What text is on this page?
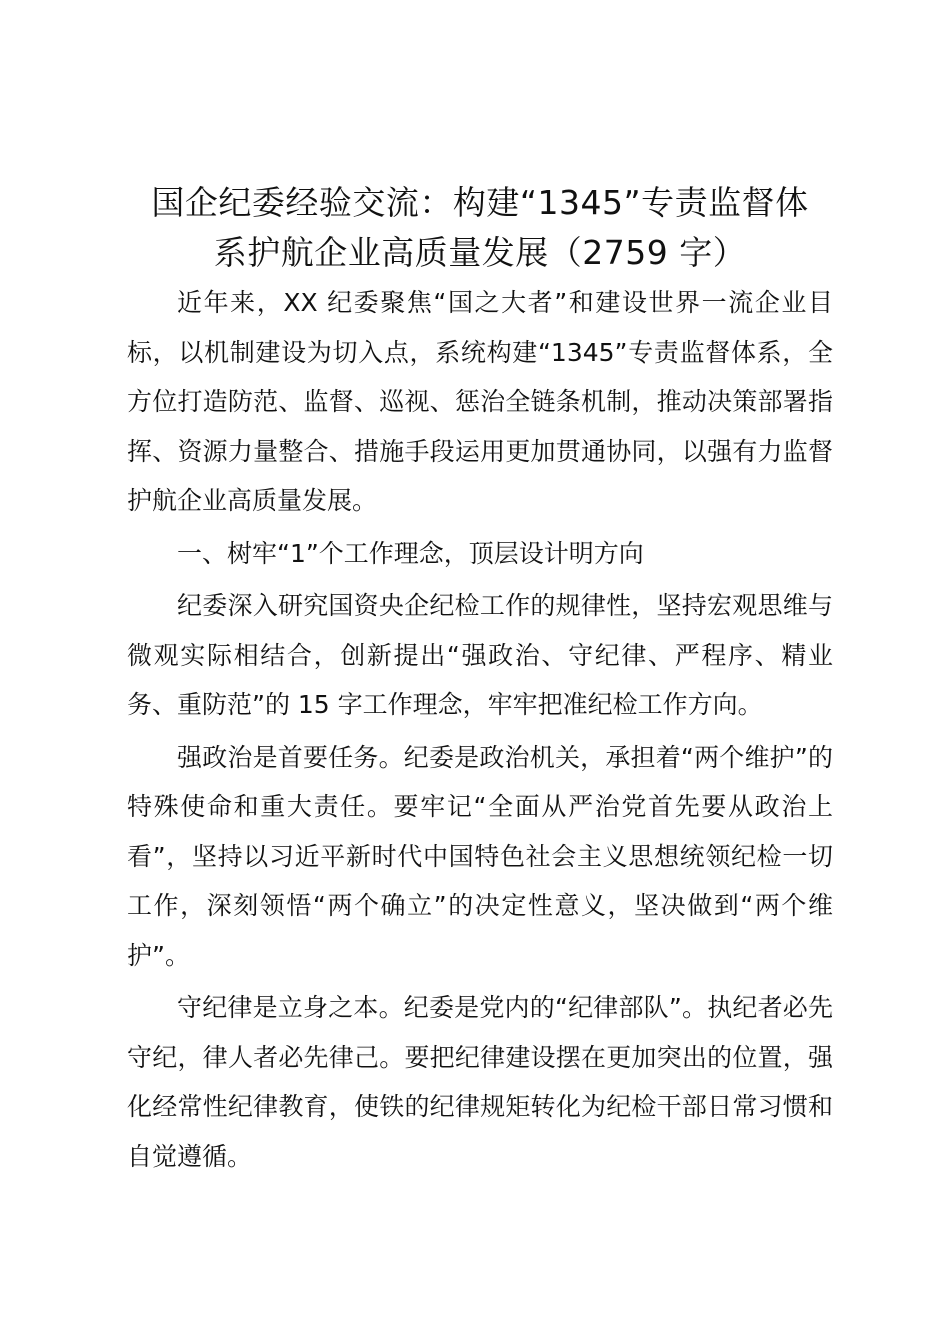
国企纪委经验交流：构建“1345”专责监督体
系护航企业高质量发展（2759 字）

近年来，XX 纪委聚焦“国之大者”和建设世界一流企业目标，以机制建设为切入点，系统构建“1345”专责监督体系，全方位打造防范、监督、巡视、惩治全链条机制，推动决策部署指挥、资源力量整合、措施手段运用更加贯通协同，以强有力监督护航企业高质量发展。

一、树牢“1”个工作理念，顶层设计明方向

纪委深入研究国资央企纪检工作的规律性，坚持宏观思维与微观实际相结合，创新提出“强政治、守纪律、严程序、精业务、重防范”的 15 字工作理念，牢牢把准纪检工作方向。

强政治是首要任务。纪委是政治机关，承担着“两个维护”的特殊使命和重大责任。要牢记“全面从严治党首先要从政治上看”，坚持以习近平新时代中国特色社会主义思想统领纪检一切工作，深刻领悟“两个确立”的决定性意义，坚决做到“两个维护”。

守纪律是立身之本。纪委是党内的“纪律部队”。执纪者必先守纪，律人者必先律己。要把纪律建设摆在更加突出的位置，强化经常性纪律教育，使铁的纪律规矩转化为纪检干部日常习惯和自觉遵循。
